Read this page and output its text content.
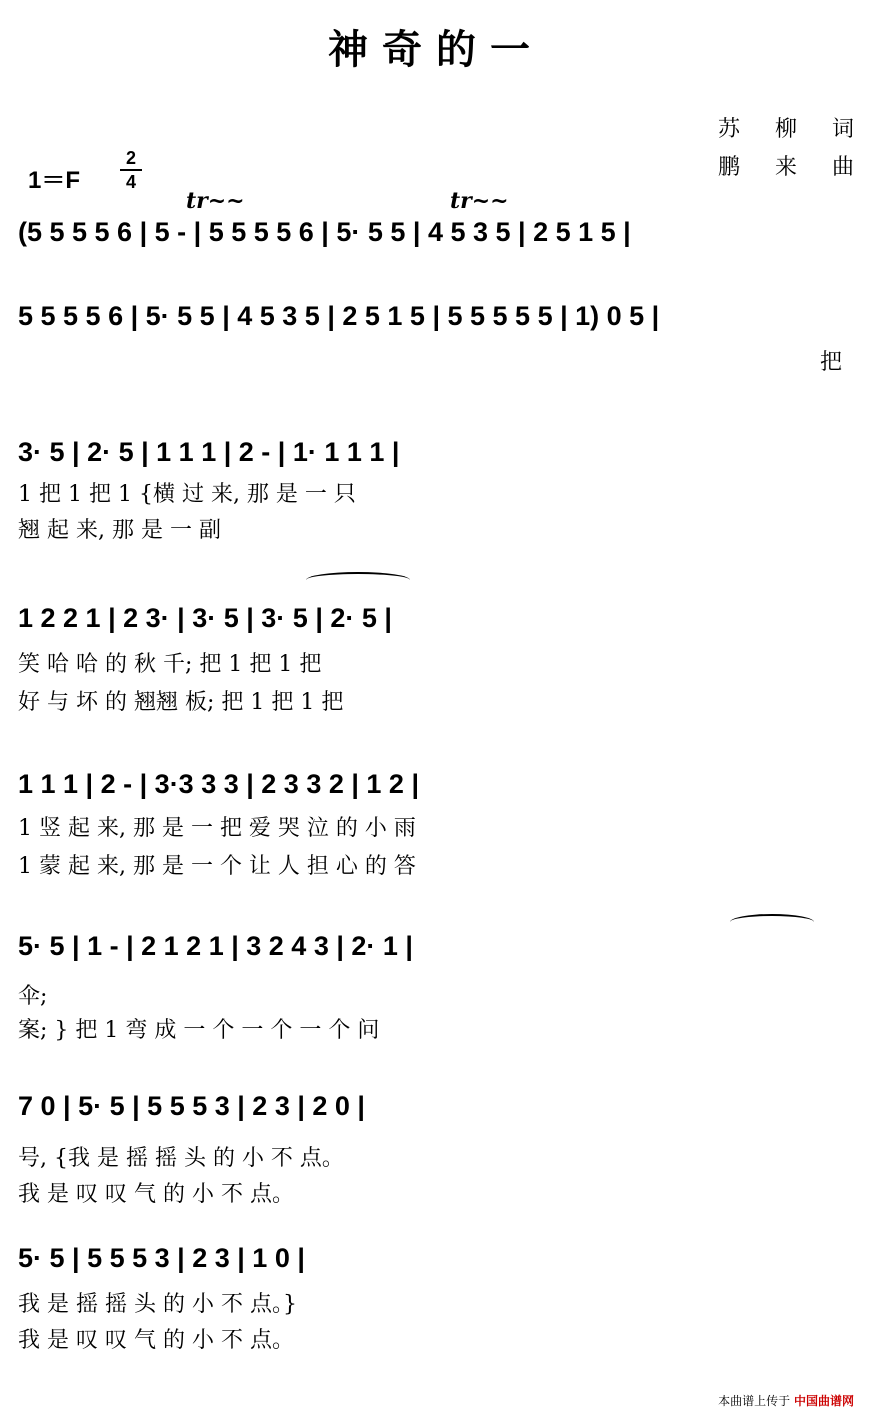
神奇的一
苏 柳 词
鹏 来 曲
1＝F
2
4
tr~~	tr~~
(5 5 5 5 6 | 5 - | 5 5 5 5 6 | 5· 5 5 | 4 5 3 5 | 2 5 1 5 |
5 5 5 5 6 | 5· 5 5 | 4 5 3 5 | 2 5 1 5 | 5 5 5 5 5 | 1) 0 5 |
把
3· 5 | 2· 5 | 1 1 1 | 2 - | 1· 1 1 1 |
1 把 1 把 1 {横 过 来, 那 是 一 只
翘 起 来, 那 是 一 副
1 2 2 1 | 2 3· | 3· 5 | 3· 5 | 2· 5 |
笑 哈 哈 的 秋 千; 把 1 把 1 把
好 与 坏 的 翘翘 板; 把 1 把 1 把
1 1 1 | 2 - | 3·3 3 3 | 2 3 3 2 | 1 2 |
1 竖 起 来, 那 是 一 把 爱 哭 泣 的 小 雨
1 蒙 起 来, 那 是 一 个 让 人 担 心 的 答
5· 5 | 1 - | 2 1 2 1 | 3 2 4 3 | 2· 1 |
伞;
案; } 把 1 弯 成 一 个 一 个 一 个 问
7 0 | 5· 5 | 5 5 5 3 | 2 3 | 2 0 |
号, {我 是 摇 摇 头 的 小 不 点。
我 是 叹 叹 气 的 小 不 点。
5· 5 | 5 5 5 3 | 2 3 | 1 0 |
我 是 摇 摇 头 的 小 不 点。}
我 是 叹 叹 气 的 小 不 点。
本曲谱上传于 中国曲谱网
